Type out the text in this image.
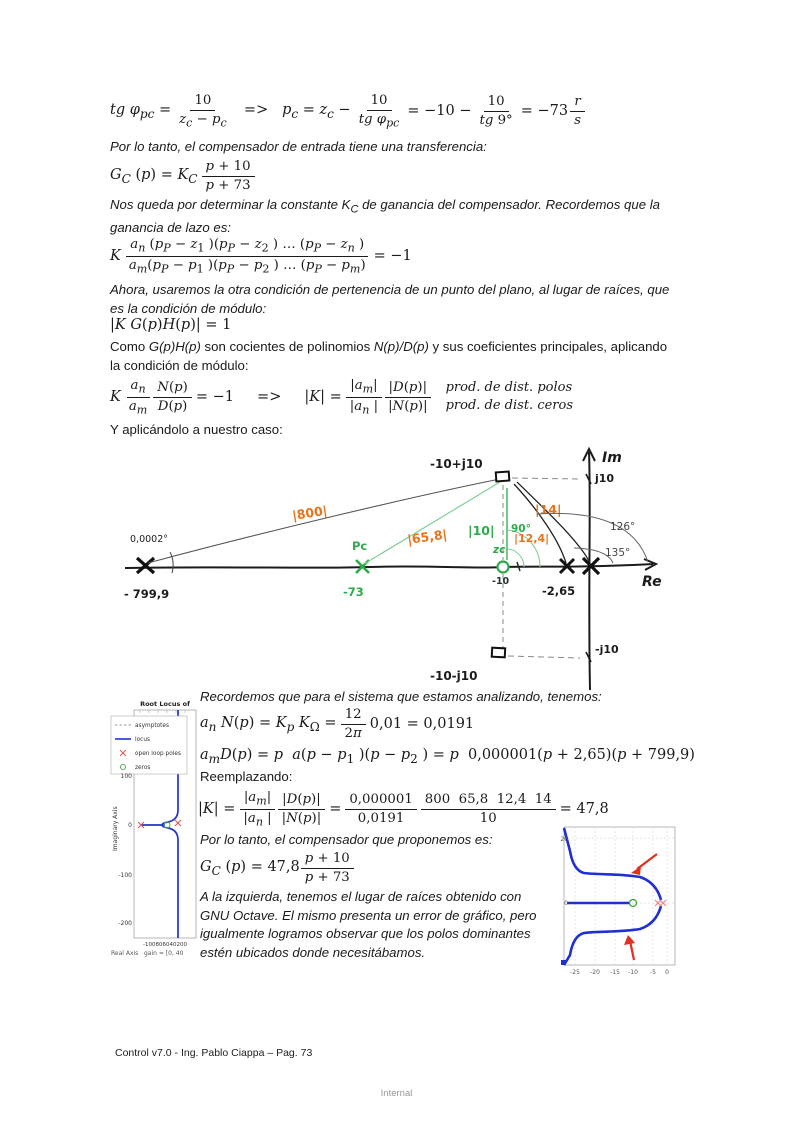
tg $\varphi_{pc} = \frac{10}{z_c - p_c} => p_c = z_c - \frac{10}{tg \varphi_{pc}} = -10 - \frac{10}{tg 9^\circ} = -73 \frac{r}{s}$
Por lo tanto, el compensador de entrada tiene una transferencia:
$G_C$ $(p) = K_C \frac{p + 10}{p + 73}$
Nos queda por determinar la constante $K_C$ de ganancia del compensador. Recordemos que la
ganancia de lazo es:
K $\frac{a_n (p_P - z_1 )(p_P - z_2 ) \dots (p_P - z_n )}{a_m(p_P - p_1 )(p_P - p_2 ) \dots (p_P - p_m)} = -1$
Ahora, usaremos la otra condición de pertenencia de un punto del plano, al lugar de raíces, que
es la condición de módulo:
|K G(p)H(p)| = 1
Como G(p)H(p) son cocientes de polinomios N(p)/D(p) y sus coeficientes principales, aplicando
la condición de módulo:
K $\frac{a_n}{a_m} \frac{N(p)}{D(p)} = -1$     =>     $|K| = \frac{|a_m|}{|a_n |} \frac{|D(p)|}{|N(p)|}$ prod. de dist. polos
prod. de dist. ceros
Y aplicándolo a nuestro caso:
Im
Re
- 799,9
0,0002°
|800|
Pc
-73
|65,8|
-10
|10| 90°
zc
-10+j10
j10
-10-j10
-j10
|14|
|12,4|
-2,65
126°
135°
Root Locus of
asymptotes
locus
open loop poles
zeros
Imaginary Axis
100
0
-100
-200
-100806040200
Real Axis gain = [0, 40
Recordemos que para el sistema que estamos analizando, tenemos:
$a_n$ $N(p) = K_p$ $K_\Omega = \frac{12}{2\pi} 0,01 = 0,0191$
$a_mD(p) = p$ $a(p - p_1$ )($p - p_2$ ) = p  0,000001(p + 2,65)(p + 799,9)
Reemplazando:
$|K| = \frac{|a_m|}{|a_n |} \frac{|D(p)|}{|N(p)|} = \frac{0,000001}{0,0191} \frac{800 65,8 12,4 14}{10} = 47,8$
Por lo tanto, el compensador que proponemos es:
$G_C$ $(p) = 47,8 \frac{p + 10}{p + 73}$
A la izquierda, tenemos el lugar de raíces obtenido con
GNU Octave. El mismo presenta un error de gráfico, pero
igualmente logramos observar que los polos dominantes
estén ubicados donde necesitábamos.
20
0
-25 -20 -15 -10 -5 0
Control v7.0 - Ing. Pablo Ciappa – Pag. 73
Internal
